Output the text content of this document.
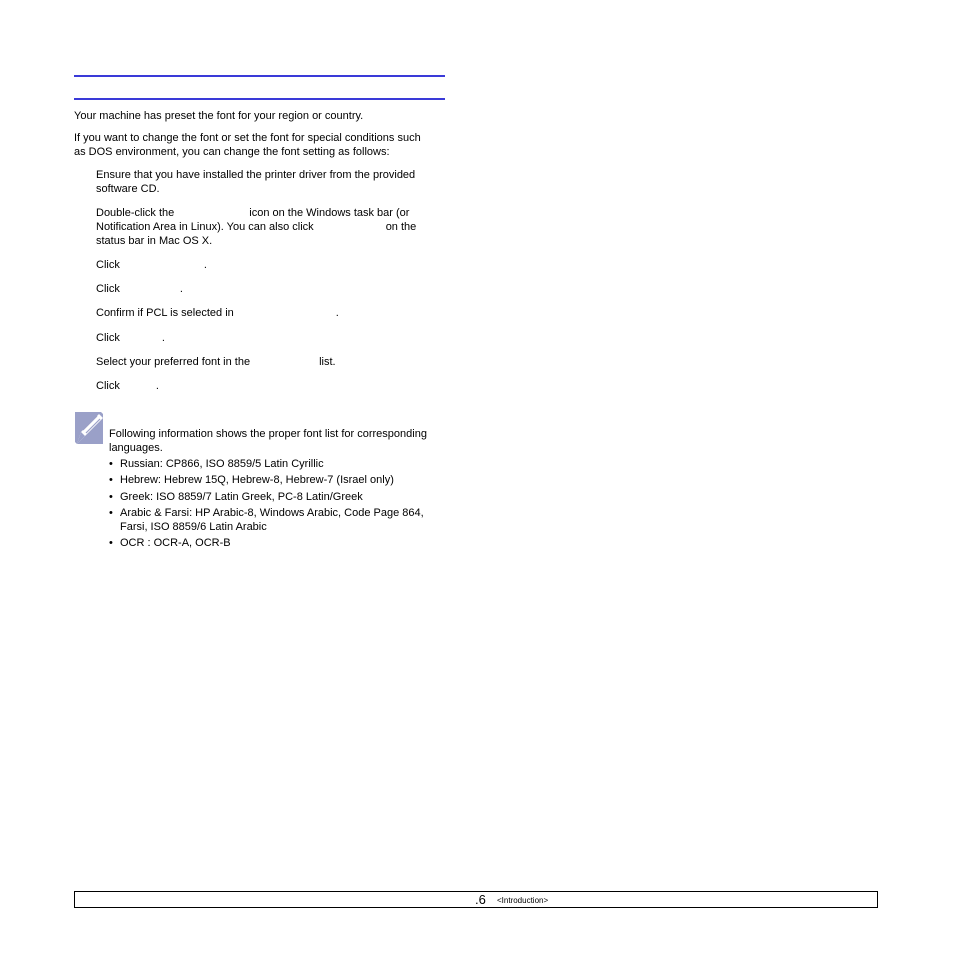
Your machine has preset the font for your region or country.

If you want to change the font or set the font for special conditions such

as DOS environment, you can change the font setting as follows:

Ensure that you have installed the printer driver from the provided

software CD.

Double-click the	icon on the Windows task bar (or

Notification Area in Linux). You can also click	on the

status bar in Mac OS X.

Click	.

Click	.

Confirm if PCL is selected in	.

Click	.

Select your preferred font in the	list.

Click	.

Following information shows the proper font list for corresponding

languages.

• Russian: CP866, ISO 8859/5 Latin Cyrillic
• Hebrew: Hebrew 15Q, Hebrew-8, Hebrew-7 (Israel only)
• Greek: ISO 8859/7 Latin Greek, PC-8 Latin/Greek
• Arabic & Farsi: HP Arabic-8, Windows Arabic, Code Page 864,

Farsi, ISO 8859/6 Latin Arabic

• OCR : OCR-A, OCR-B
.6 <Introduction>
